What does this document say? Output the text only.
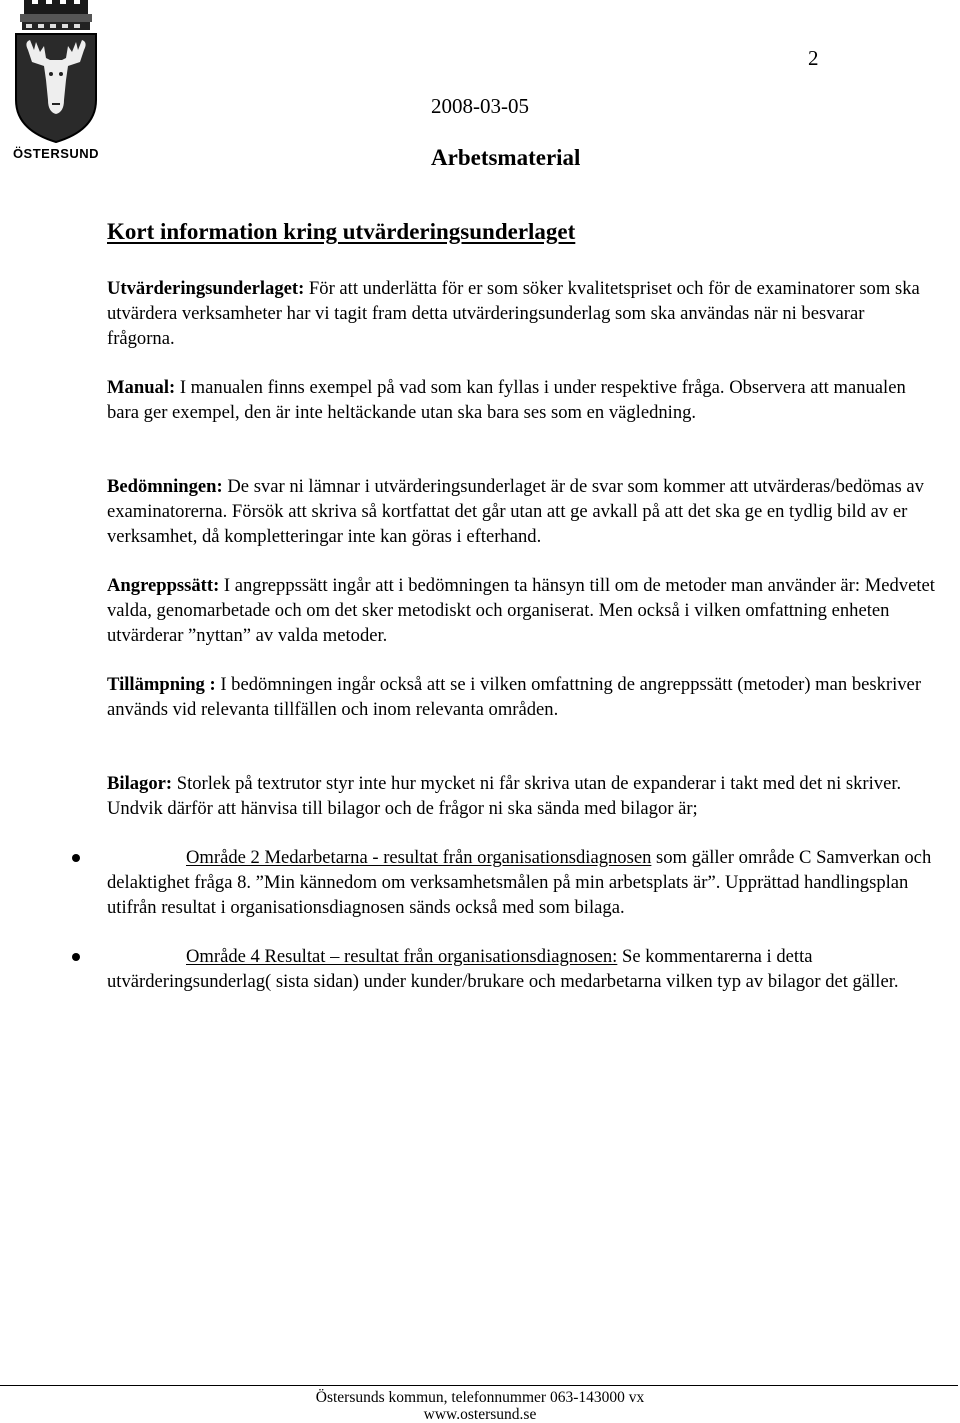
ÖSTERSUND
2
2008-03-05
Arbetsmaterial
Kort information kring utvärderingsunderlaget

Utvärderingsunderlaget: För att underlätta för er som söker kvalitetspriset och för de examinatorer som ska utvärdera verksamheter har vi tagit fram detta utvärderingsunderlag som ska användas när ni besvarar frågorna.

Manual: I manualen finns exempel på vad som kan fyllas i under respektive fråga. Observera att manualen bara ger exempel, den är inte heltäckande utan ska bara ses som en vägledning.

Bedömningen: De svar ni lämnar i utvärderingsunderlaget är de svar som kommer att utvärderas/bedömas av examinatorerna. Försök att skriva så kortfattat det går utan att ge avkall på att det ska ge en tydlig bild av er verksamhet, då kompletteringar inte kan göras i efterhand.

Angreppssätt: I angreppssätt ingår att i bedömningen ta hänsyn till om de metoder man använder är: Medvetet valda, genomarbetade och om det sker metodiskt och organiserat. Men också i vilken omfattning enheten utvärderar ”nyttan” av valda metoder.

Tillämpning : I bedömningen ingår också att se i vilken omfattning de angreppssätt (metoder) man beskriver används vid relevanta tillfällen och inom relevanta områden.

Bilagor: Storlek på textrutor styr inte hur mycket ni får skriva utan de expanderar i takt med det ni skriver. Undvik därför att hänvisa till bilagor och de frågor ni ska sända med bilagor är;

Område 2 Medarbetarna - resultat från organisationsdiagnosen som gäller område C Samverkan och delaktighet fråga 8. ”Min kännedom om verksamhetsmålen på min arbetsplats är”. Upprättad handlingsplan utifrån resultat i organisationsdiagnosen sänds också med som bilaga.

Område 4 Resultat – resultat från organisationsdiagnosen: Se kommentarerna i detta utvärderingsunderlag( sista sidan) under kunder/brukare och medarbetarna vilken typ av bilagor det gäller.

Östersunds kommun, telefonnummer 063-143000 vx
www.ostersund.se
